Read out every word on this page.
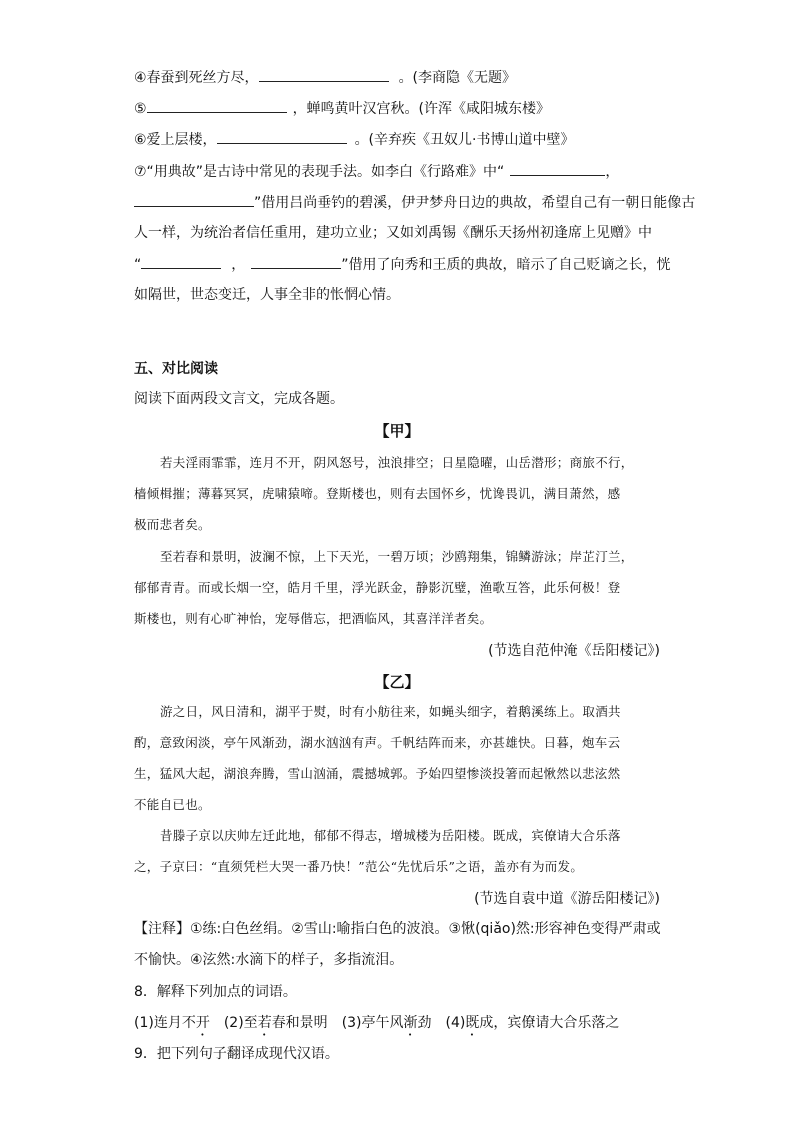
④春蚕到死丝方尽，	。(李商隐《无题》
⑤	，蝉鸣黄叶汉宫秋。(许浑《咸阳城东楼》
⑥爱上层楼，	。(辛弃疾《丑奴儿·书博山道中壁》
⑦“用典故”是古诗中常见的表现手法。如李白《行路难》中“	，
”借用吕尚垂钓的碧溪，伊尹梦舟日边的典故，希望自己有一朝日能像古
人一样，为统治者信任重用，建功立业；又如刘禹锡《酬乐天扬州初逢席上见赠》中
“	，	”借用了向秀和王质的典故，暗示了自己贬谪之长，恍
如隔世，世态变迁，人事全非的怅惘心情。
五、对比阅读
阅读下面两段文言文，完成各题。
【甲】
若夫淫雨霏霏，连月不开，阴风怒号，浊浪排空；日星隐曜，山岳潜形；商旅不行，
樯倾楫摧；薄暮冥冥，虎啸猿啼。登斯楼也，则有去国怀乡，忧谗畏讥，满目萧然，感
极而悲者矣。
至若春和景明，波澜不惊，上下天光，一碧万顷；沙鸥翔集，锦鳞游泳；岸芷汀兰，
郁郁青青。而或长烟一空，皓月千里，浮光跃金，静影沉璧，渔歌互答，此乐何极！登
斯楼也，则有心旷神怡，宠辱偕忘，把酒临风，其喜洋洋者矣。
(节选自范仲淹《岳阳楼记》)
【乙】
游之日，风日清和，湖平于熨，时有小舫往来，如蝇头细字，着鹅溪练上。取酒共
酌，意致闲淡，亭午风渐劲，湖水汹汹有声。千帆结阵而来，亦甚雄快。日暮，炮车云
生，猛风大起，湖浪奔腾，雪山汹涌，震撼城郭。予始四望惨淡投箸而起愀然以悲泫然
不能自已也。
昔滕子京以庆帅左迁此地，郁郁不得志，增城楼为岳阳楼。既成，宾僚请大合乐落
之，子京曰：“直须凭栏大哭一番乃快！”范公“先忧后乐”之语，盖亦有为而发。
(节选自袁中道《游岳阳楼记》)
【注释】①练:白色丝绢。②雪山:喻指白色的波浪。③愀(qiǎo)然:形容神色变得严肃或
不愉快。④泫然:水滴下的样子，多指流泪。
8．解释下列加点的词语。
(1)连月不开 (2)至若春和景明 (3)亭午风渐劲 (4)既成，宾僚请大合乐落之
9．把下列句子翻译成现代汉语。
